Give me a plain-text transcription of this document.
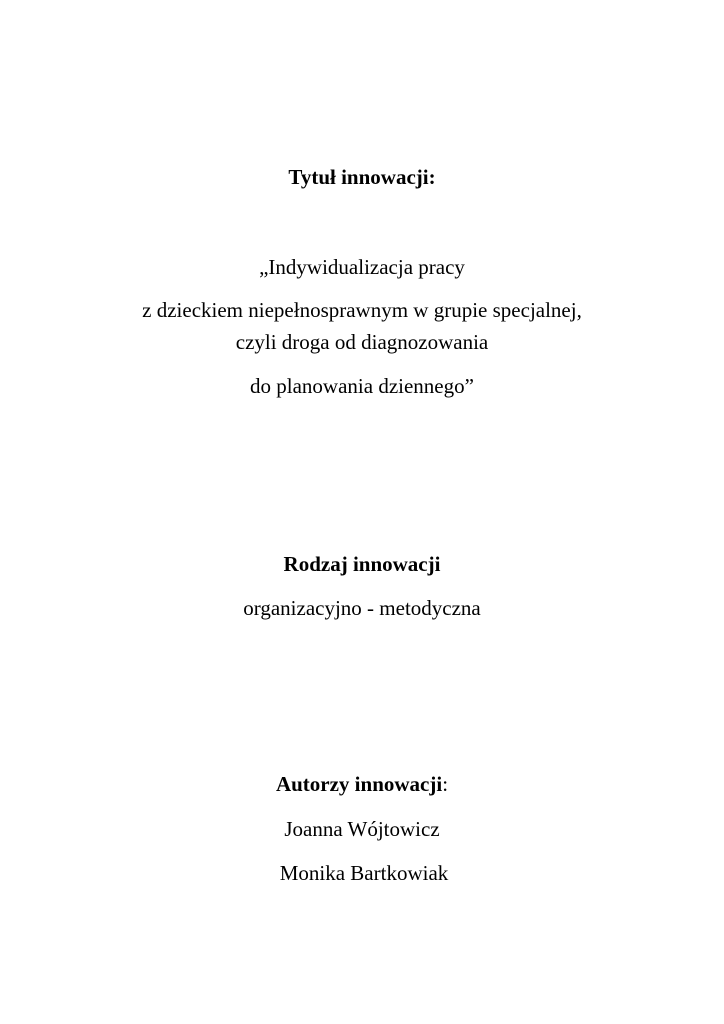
Tytuł innowacji:
„Indywidualizacja pracy
z dzieckiem niepełnosprawnym w grupie specjalnej,
czyli droga od diagnozowania
do planowania dziennego”
Rodzaj innowacji
organizacyjno - metodyczna
Autorzy innowacji:
Joanna Wójtowicz
Monika Bartkowiak
